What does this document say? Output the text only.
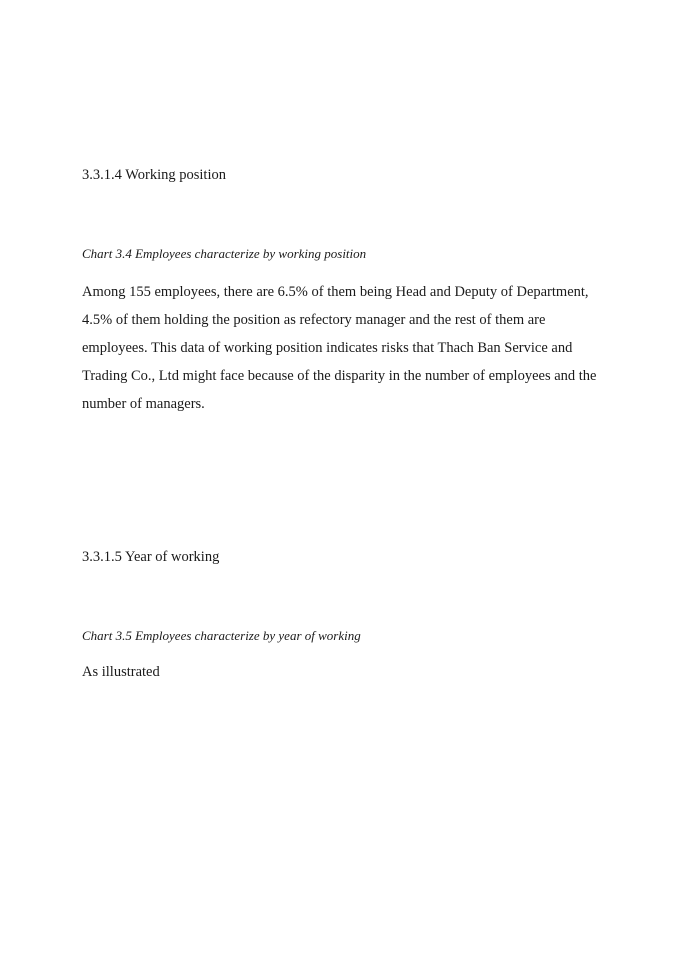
3.3.1.4 Working position
Chart 3.4 Employees characterize by working position
Among 155 employees, there are 6.5% of them being Head and Deputy of Department,
4.5% of them holding the position as refectory manager and the rest of them are
employees. This data of working position indicates risks that Thach Ban Service and
Trading Co., Ltd might face because of the disparity in the number of employees and the
number of managers.
3.3.1.5 Year of working
Chart 3.5 Employees characterize by year of working
As illustrated
